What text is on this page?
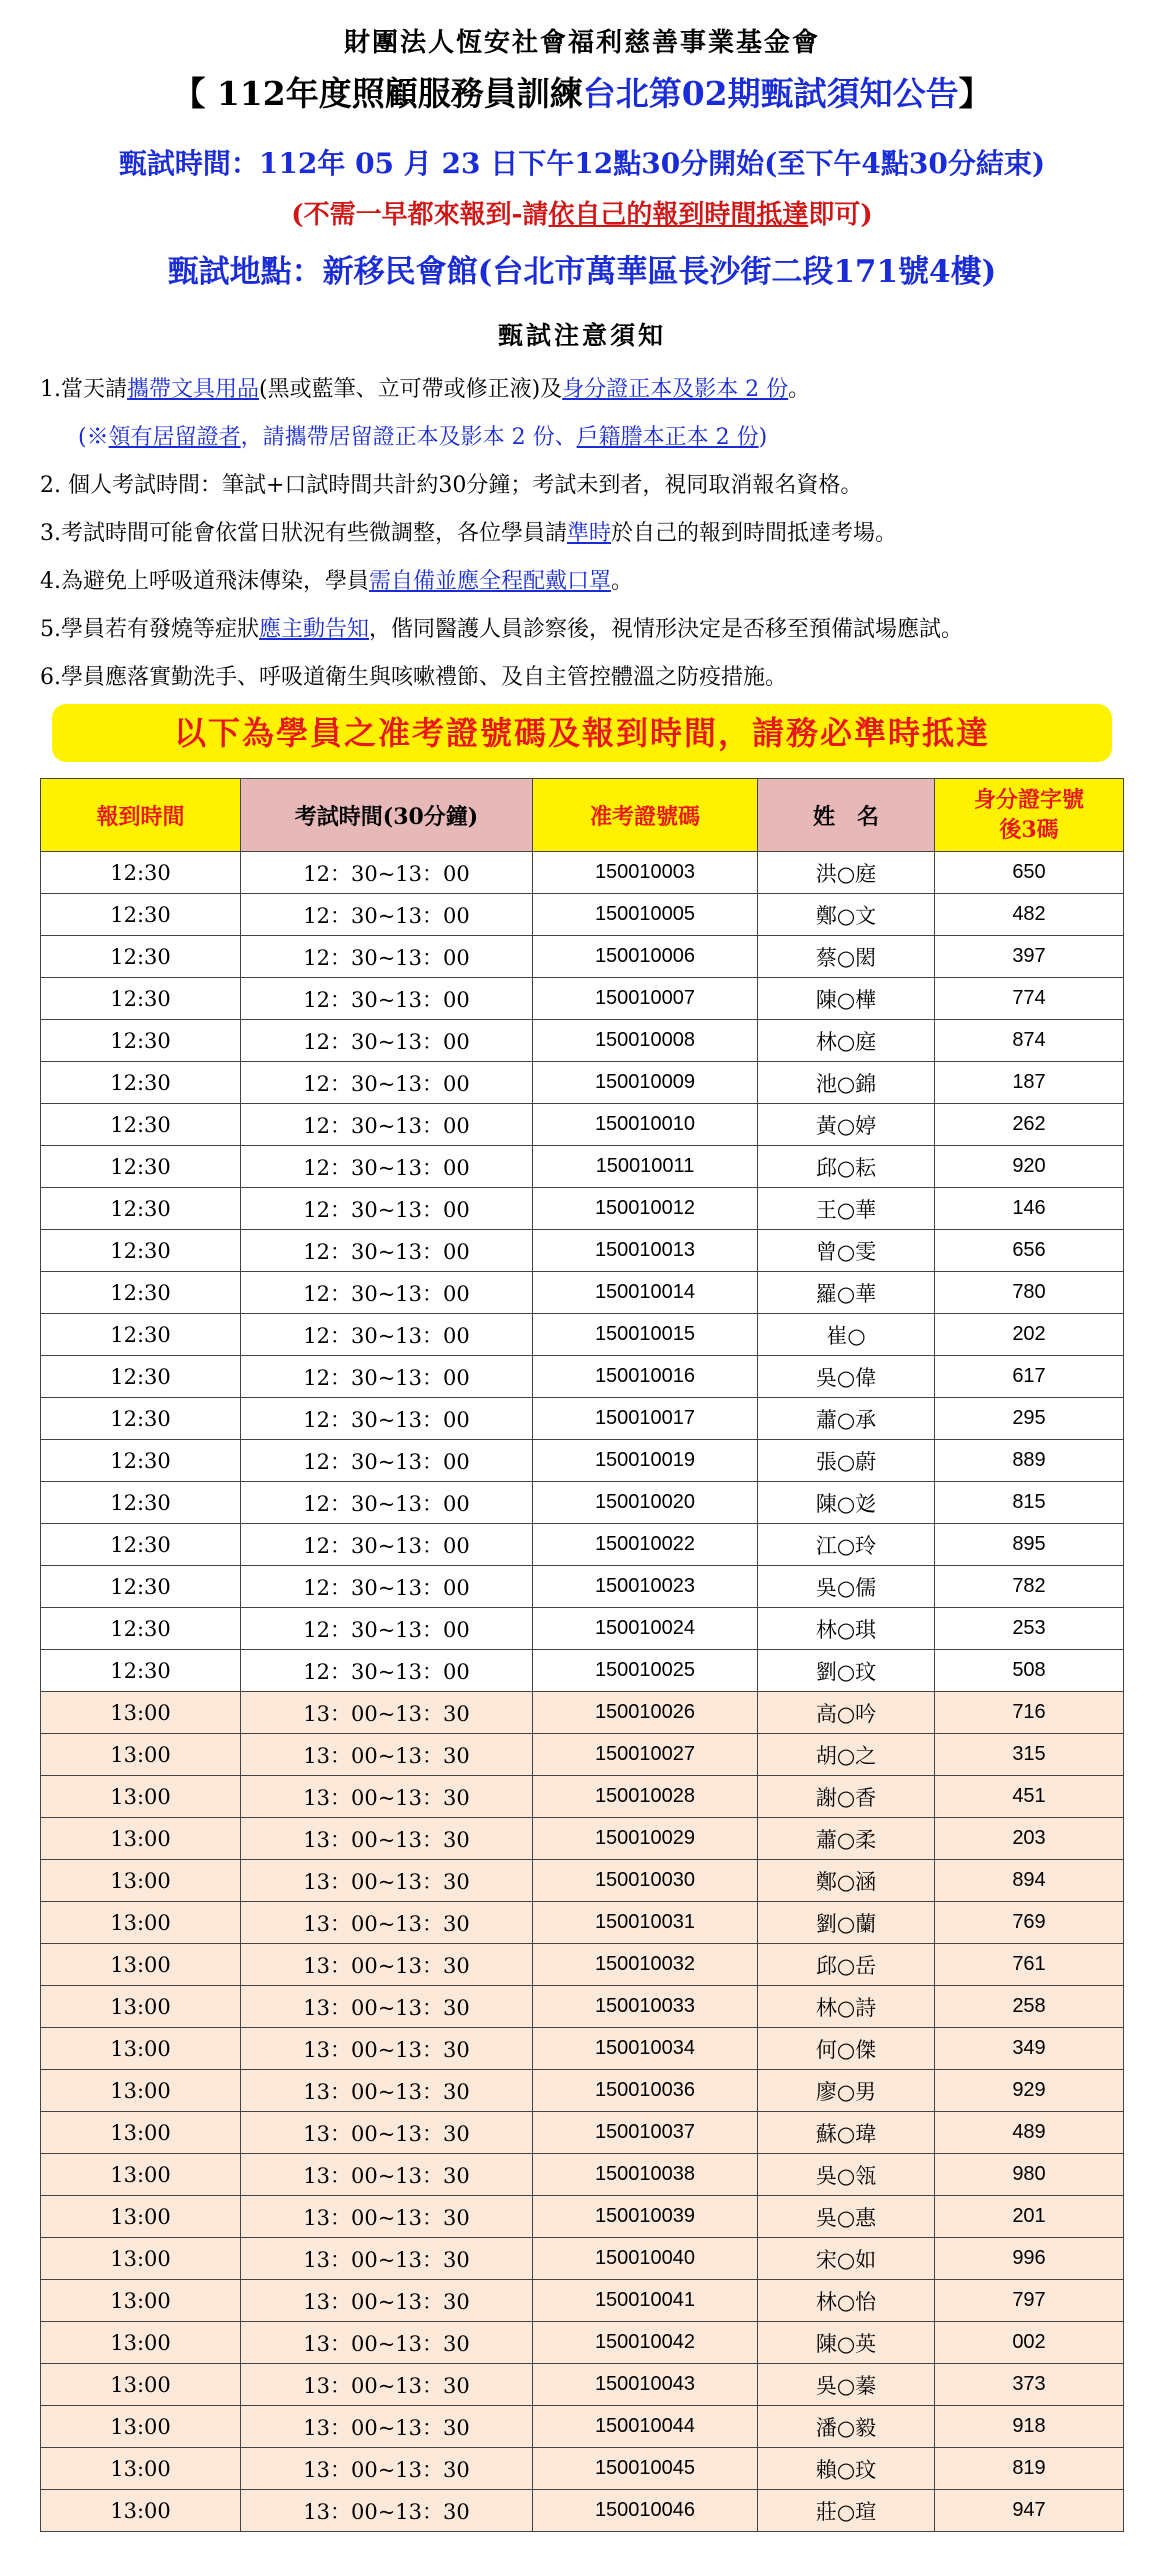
財團法人恆安社會福利慈善事業基金會
【 112年度照顧服務員訓練台北第02期甄試須知公告】
甄試時間：112年 05 月 23 日下午12點30分開始(至下午4點30分結束)
(不需一早都來報到-請依自己的報到時間抵達即可)
甄試地點：新移民會館(台北市萬華區長沙街二段171號4樓)
甄試注意須知
1.當天請攜帶文具用品(黑或藍筆、立可帶或修正液)及身分證正本及影本 2 份。
(※領有居留證者，請攜帶居留證正本及影本 2 份、戶籍謄本正本 2 份)
2. 個人考試時間：筆試+口試時間共計約30分鐘；考試未到者，視同取消報名資格。
3.考試時間可能會依當日狀況有些微調整，各位學員請準時於自己的報到時間抵達考場。
4.為避免上呼吸道飛沫傳染，學員需自備並應全程配戴口罩。
5.學員若有發燒等症狀應主動告知，偕同醫護人員診察後，視情形決定是否移至預備試場應試。
6.學員應落實勤洗手、呼吸道衛生與咳嗽禮節、及自主管控體溫之防疫措施。
以下為學員之准考證號碼及報到時間，請務必準時抵達
報到時間	考試時間(30分鐘)	准考證號碼	姓　名	身分證字號
後3碼
12:30	12：30~13：00	150010003	洪○庭	650
12:30	12：30~13：00	150010005	鄭○文	482
12:30	12：30~13：00	150010006	蔡○閎	397
12:30	12：30~13：00	150010007	陳○樺	774
12:30	12：30~13：00	150010008	林○庭	874
12:30	12：30~13：00	150010009	池○錦	187
12:30	12：30~13：00	150010010	黃○婷	262
12:30	12：30~13：00	150010011	邱○耘	920
12:30	12：30~13：00	150010012	王○華	146
12:30	12：30~13：00	150010013	曾○雯	656
12:30	12：30~13：00	150010014	羅○華	780
12:30	12：30~13：00	150010015	崔○	202
12:30	12：30~13：00	150010016	吳○偉	617
12:30	12：30~13：00	150010017	蕭○承	295
12:30	12：30~13：00	150010019	張○蔚	889
12:30	12：30~13：00	150010020	陳○彣	815
12:30	12：30~13：00	150010022	江○玲	895
12:30	12：30~13：00	150010023	吳○儒	782
12:30	12：30~13：00	150010024	林○琪	253
12:30	12：30~13：00	150010025	劉○玟	508
13:00	13：00~13：30	150010026	高○吟	716
13:00	13：00~13：30	150010027	胡○之	315
13:00	13：00~13：30	150010028	謝○香	451
13:00	13：00~13：30	150010029	蕭○柔	203
13:00	13：00~13：30	150010030	鄭○涵	894
13:00	13：00~13：30	150010031	劉○蘭	769
13:00	13：00~13：30	150010032	邱○岳	761
13:00	13：00~13：30	150010033	林○詩	258
13:00	13：00~13：30	150010034	何○傑	349
13:00	13：00~13：30	150010036	廖○男	929
13:00	13：00~13：30	150010037	蘇○瑋	489
13:00	13：00~13：30	150010038	吳○瓴	980
13:00	13：00~13：30	150010039	吳○惠	201
13:00	13：00~13：30	150010040	宋○如	996
13:00	13：00~13：30	150010041	林○怡	797
13:00	13：00~13：30	150010042	陳○英	002
13:00	13：00~13：30	150010043	吳○蓁	373
13:00	13：00~13：30	150010044	潘○毅	918
13:00	13：00~13：30	150010045	賴○玟	819
13:00	13：00~13：30	150010046	莊○瑄	947
